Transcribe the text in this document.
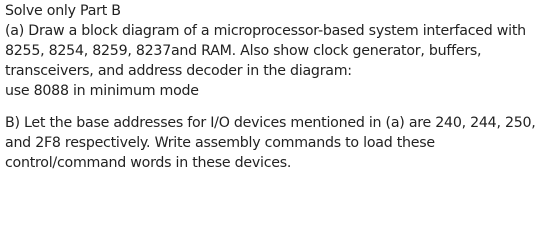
Solve only Part B
(a) Draw a block diagram of a microprocessor-based system interfaced with
8255, 8254, 8259, 8237and RAM. Also show clock generator, buffers,
transceivers, and address decoder in the diagram:
use 8088 in minimum mode
B) Let the base addresses for I/O devices mentioned in (a) are 240, 244, 250,
and 2F8 respectively. Write assembly commands to load these
control/command words in these devices.
